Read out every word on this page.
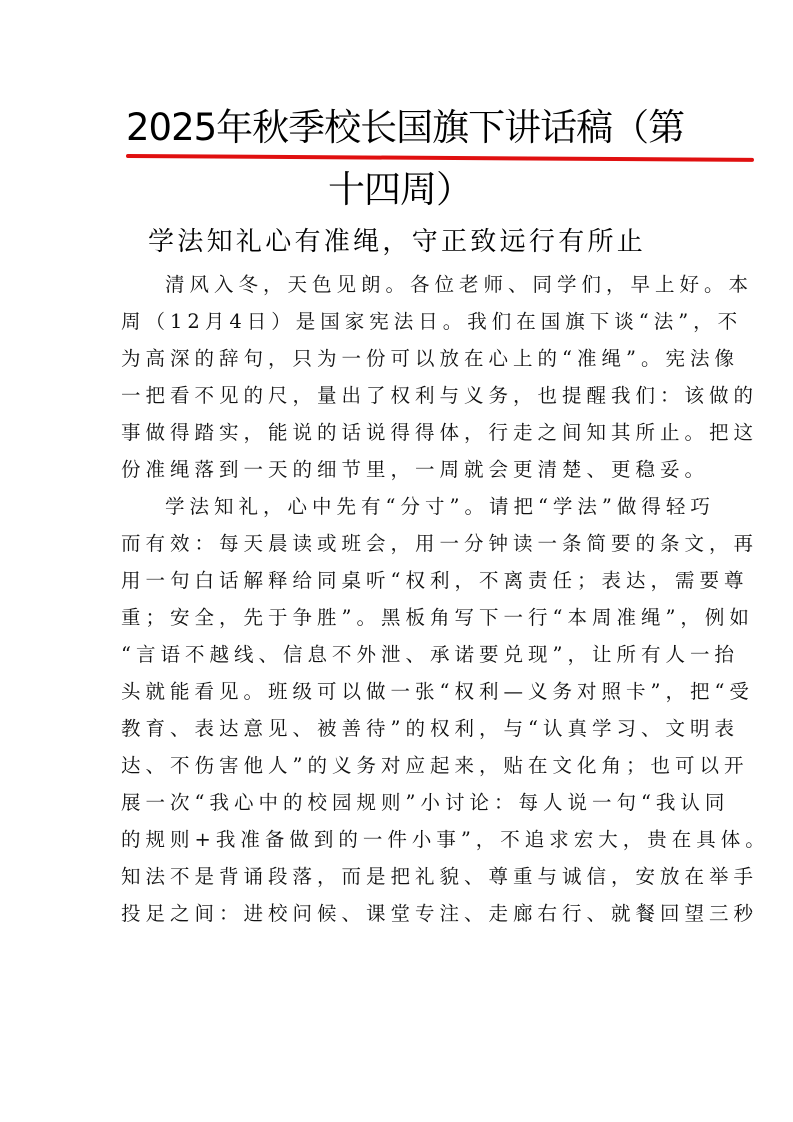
2025年秋季校长国旗下讲话稿（第
十四周）
学法知礼心有准绳，守正致远行有所止
清风入冬，天色见朗。各位老师、同学们，早上好。本
周（12月4日）是国家宪法日。我们在国旗下谈“法”，不
为高深的辞句，只为一份可以放在心上的“准绳”。宪法像
一把看不见的尺，量出了权利与义务，也提醒我们：该做的
事做得踏实，能说的话说得得体，行走之间知其所止。把这
份准绳落到一天的细节里，一周就会更清楚、更稳妥。
学法知礼，心中先有“分寸”。请把“学法”做得轻巧
而有效：每天晨读或班会，用一分钟读一条简要的条文，再
用一句白话解释给同桌听“权利，不离责任；表达，需要尊
重；安全，先于争胜”。黑板角写下一行“本周准绳”，例如
“言语不越线、信息不外泄、承诺要兑现”，让所有人一抬
头就能看见。班级可以做一张“权利—义务对照卡”，把“受
教育、表达意见、被善待”的权利，与“认真学习、文明表
达、不伤害他人”的义务对应起来，贴在文化角；也可以开
展一次“我心中的校园规则”小讨论：每人说一句“我认同
的规则+我准备做到的一件小事”，不追求宏大，贵在具体。
知法不是背诵段落，而是把礼貌、尊重与诚信，安放在举手
投足之间：进校问候、课堂专注、走廊右行、就餐回望三秒
